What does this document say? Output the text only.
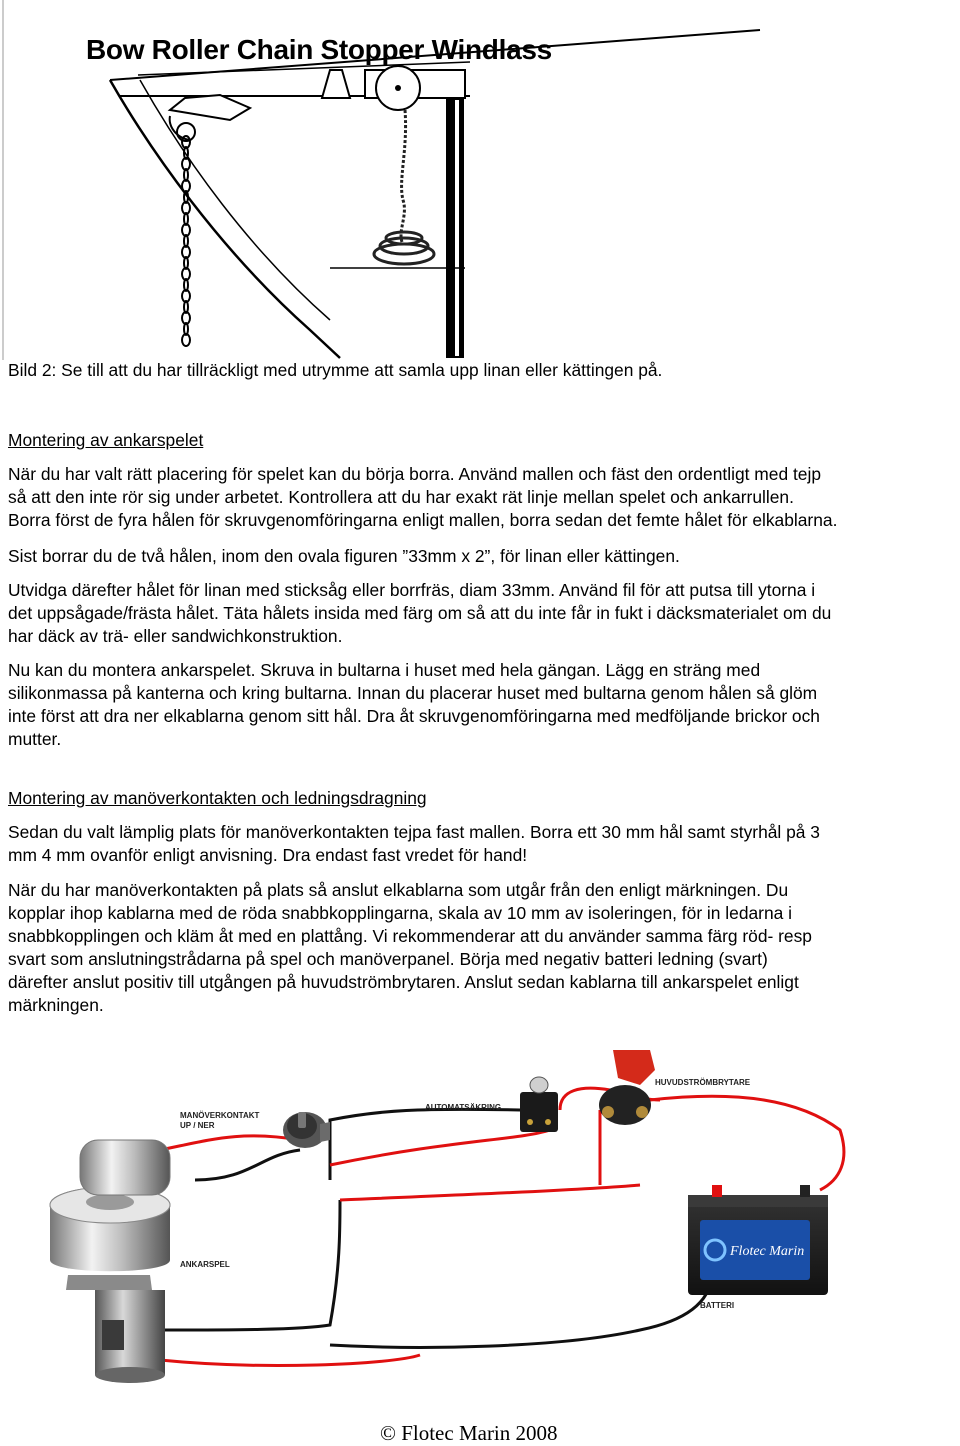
Bow Roller Chain Stopper Windlass
Bild 2: Se till att du har tillräckligt med utrymme att samla upp linan eller kättingen på.
Montering av ankarspelet
När du har valt rätt placering för spelet kan du börja borra. Använd mallen och fäst den ordentligt med tejp
så att den inte rör sig under arbetet. Kontrollera att du har exakt rät linje mellan spelet och ankarrullen.
Borra först de fyra hålen för skruvgenomföringarna enligt mallen, borra sedan det femte hålet för elkablarna.
Sist borrar du de två hålen, inom den ovala figuren ”33mm x 2”, för linan eller kättingen.
Utvidga därefter hålet för linan med sticksåg eller borrfräs, diam 33mm. Använd fil för att putsa till ytorna i
det uppsågade/frästa hålet. Täta hålets insida med färg om så att du inte får in fukt i däcksmaterialet om du
har däck av trä- eller sandwichkonstruktion.
Nu kan du montera ankarspelet. Skruva in bultarna i huset med hela gängan. Lägg en sträng med
silikonmassa på kanterna och kring bultarna. Innan du placerar huset med bultarna genom hålen så glöm
inte först att dra ner elkablarna genom sitt hål. Dra åt skruvgenomföringarna med medföljande brickor och
mutter.
Montering av manöverkontakten och ledningsdragning
Sedan du valt lämplig plats för manöverkontakten tejpa fast mallen. Borra ett 30 mm hål samt styrhål på 3
mm 4 mm ovanför enligt anvisning. Dra endast fast vredet för hand!
När du har manöverkontakten på plats så anslut elkablarna som utgår från den enligt märkningen. Du
kopplar ihop kablarna med de röda snabbkopplingarna, skala av 10 mm av isoleringen, för in ledarna i
snabbkopplingen och kläm åt med en plattång. Vi rekommenderar att du använder samma färg röd- resp
svart som anslutningstrådarna på spel och manöverpanel. Börja med negativ batteri ledning (svart)
därefter anslut positiv till utgången på huvudströmbrytaren. Anslut sedan kablarna till ankarspelet enligt
märkningen.
MANÖVERKONTAKT
UP / NER
AUTOMATSÄKRING
HUVUDSTRÖMBRYTARE
Flotec Marin
BATTERI
ANKARSPEL
© Flotec Marin 2008
